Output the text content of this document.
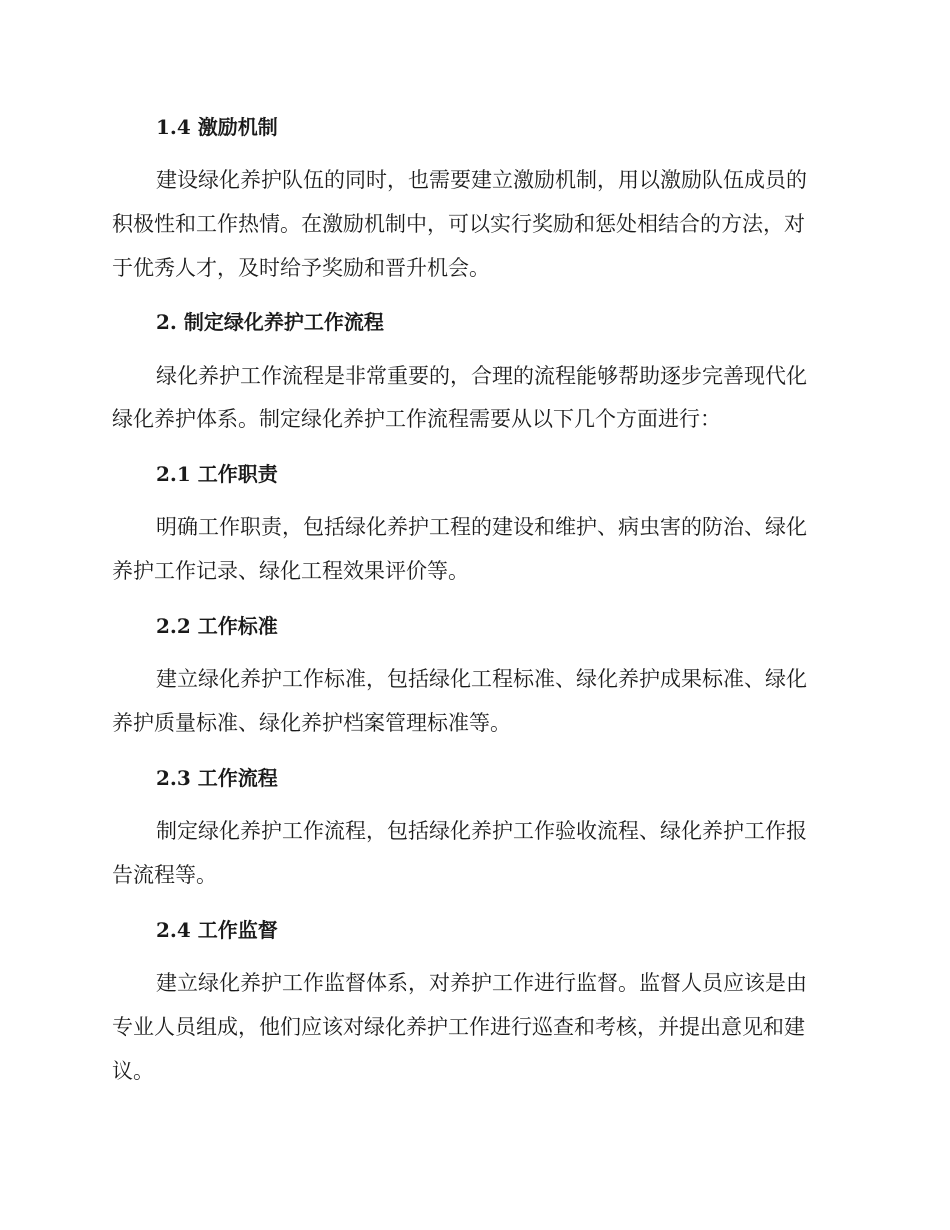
1.4 激励机制
建设绿化养护队伍的同时，也需要建立激励机制，用以激励队伍成员的
积极性和工作热情。在激励机制中，可以实行奖励和惩处相结合的方法，对
于优秀人才，及时给予奖励和晋升机会。
2. 制定绿化养护工作流程
绿化养护工作流程是非常重要的，合理的流程能够帮助逐步完善现代化
绿化养护体系。制定绿化养护工作流程需要从以下几个方面进行：
2.1 工作职责
明确工作职责，包括绿化养护工程的建设和维护、病虫害的防治、绿化
养护工作记录、绿化工程效果评价等。
2.2 工作标准
建立绿化养护工作标准，包括绿化工程标准、绿化养护成果标准、绿化
养护质量标准、绿化养护档案管理标准等。
2.3 工作流程
制定绿化养护工作流程，包括绿化养护工作验收流程、绿化养护工作报
告流程等。
2.4 工作监督
建立绿化养护工作监督体系，对养护工作进行监督。监督人员应该是由
专业人员组成，他们应该对绿化养护工作进行巡查和考核，并提出意见和建
议。
